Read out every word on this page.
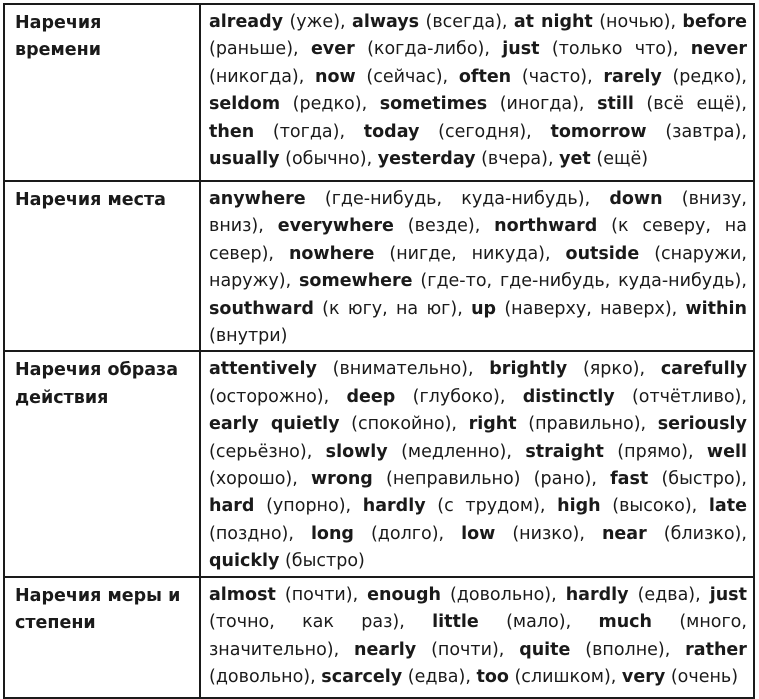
Наречия времени	already (уже), always (всегда), at night (ночью), before (раньше), ever (когда-либо), just (только что), never (никогда), now (сейчас), often (часто), rarely (редко), seldom (редко), sometimes (иногда), still (всё ещё), then (тогда), today (сегодня), tomorrow (завтра), usually (обычно), yesterday (вчера), yet (ещё)
Наречия места	anywhere (где-нибудь, куда-нибудь), down (внизу, вниз), everywhere (везде), northward (к северу, на север), nowhere (нигде, никуда), outside (снаружи, наружу), somewhere (где-то, где-нибудь, куда-нибудь), southward (к югу, на юг), up (наверху, наверх), within (внутри)
Наречия образа действия	attentively (внимательно), brightly (ярко), carefully (осторожно), deep (глубоко), distinctly (отчётливо), early quietly (спокойно), right (правильно), seriously (серьёзно), slowly (медленно), straight (прямо), well (хорошо), wrong (неправильно) (рано), fast (быстро), hard (упорно), hardly (с трудом), high (высоко), late (поздно), long (долго), low (низко), near (близко), quickly (быстро)
Наречия меры и степени	almost (почти), enough (довольно), hardly (едва), just (точно, как раз), little (мало), much (много, значительно), nearly (почти), quite (вполне), rather (довольно), scarcely (едва), too (слишком), very (очень)
